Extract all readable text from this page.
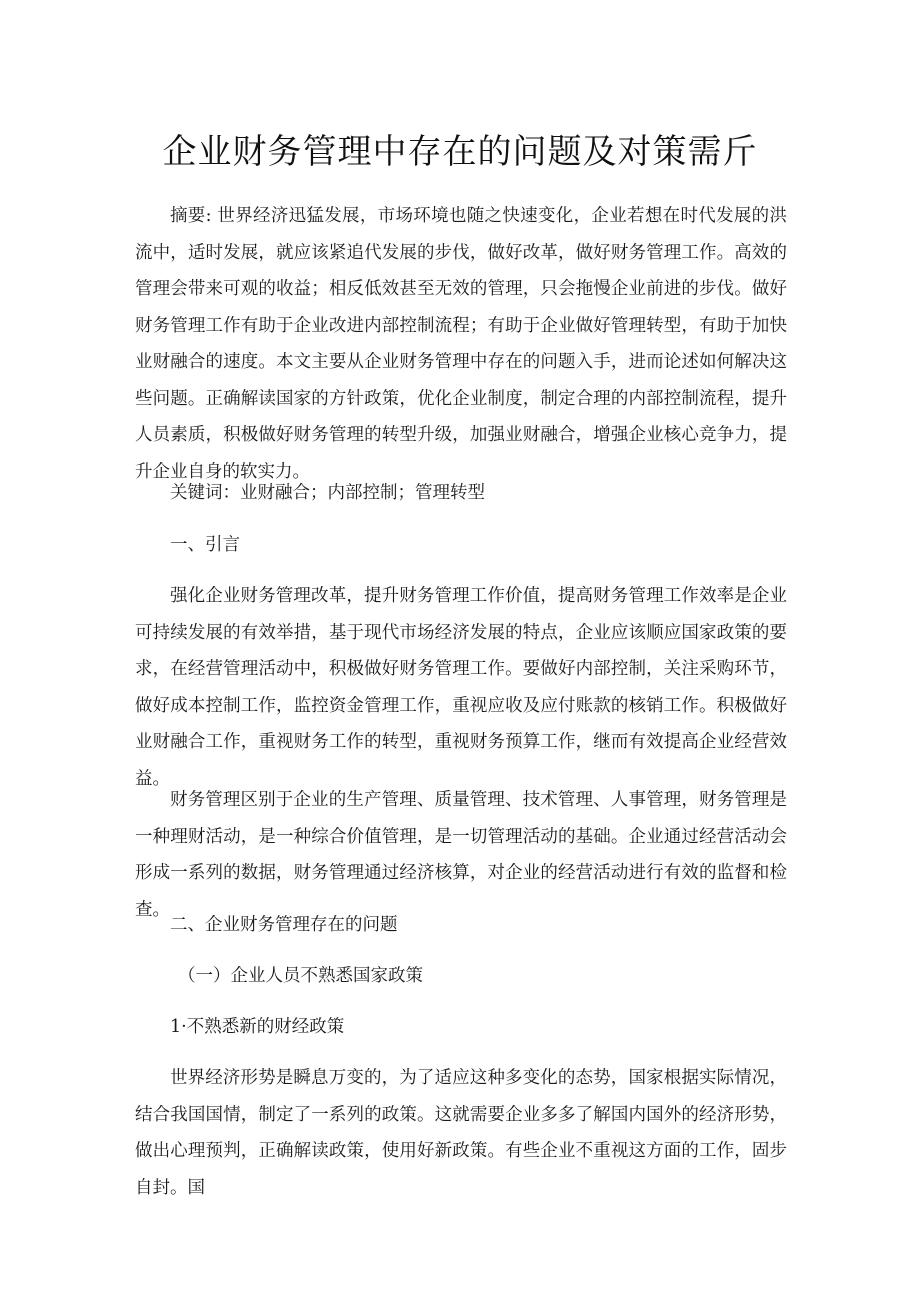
企业财务管理中存在的问题及对策需斤

摘要: 世界经济迅猛发展，市场环境也随之快速变化，企业若想在时代发展的洪流中，适时发展，就应该紧追代发展的步伐，做好改革，做好财务管理工作。高效的管理会带来可观的收益；相反低效甚至无效的管理，只会拖慢企业前进的步伐。做好财务管理工作有助于企业改进内部控制流程；有助于企业做好管理转型，有助于加快业财融合的速度。本文主要从企业财务管理中存在的问题入手，进而论述如何解决这些问题。正确解读国家的方针政策，优化企业制度，制定合理的内部控制流程，提升人员素质，积极做好财务管理的转型升级，加强业财融合，增强企业核心竞争力，提升企业自身的软实力。

关键词：业财融合；内部控制；管理转型

一、引言

强化企业财务管理改革，提升财务管理工作价值，提高财务管理工作效率是企业可持续发展的有效举措，基于现代市场经济发展的特点，企业应该顺应国家政策的要求，在经营管理活动中，积极做好财务管理工作。要做好内部控制，关注采购环节，做好成本控制工作，监控资金管理工作，重视应收及应付账款的核销工作。积极做好业财融合工作，重视财务工作的转型，重视财务预算工作，继而有效提高企业经营效益。

财务管理区别于企业的生产管理、质量管理、技术管理、人事管理，财务管理是一种理财活动，是一种综合价值管理，是一切管理活动的基础。企业通过经营活动会形成一系列的数据，财务管理通过经济核算，对企业的经营活动进行有效的监督和检查。

二、企业财务管理存在的问题

（一）企业人员不熟悉国家政策

1·不熟悉新的财经政策

世界经济形势是瞬息万变的，为了适应这种多变化的态势，国家根据实际情况，结合我国国情，制定了一系列的政策。这就需要企业多多了解国内国外的经济形势，做出心理预判，正确解读政策，使用好新政策。有些企业不重视这方面的工作，固步自封。国
